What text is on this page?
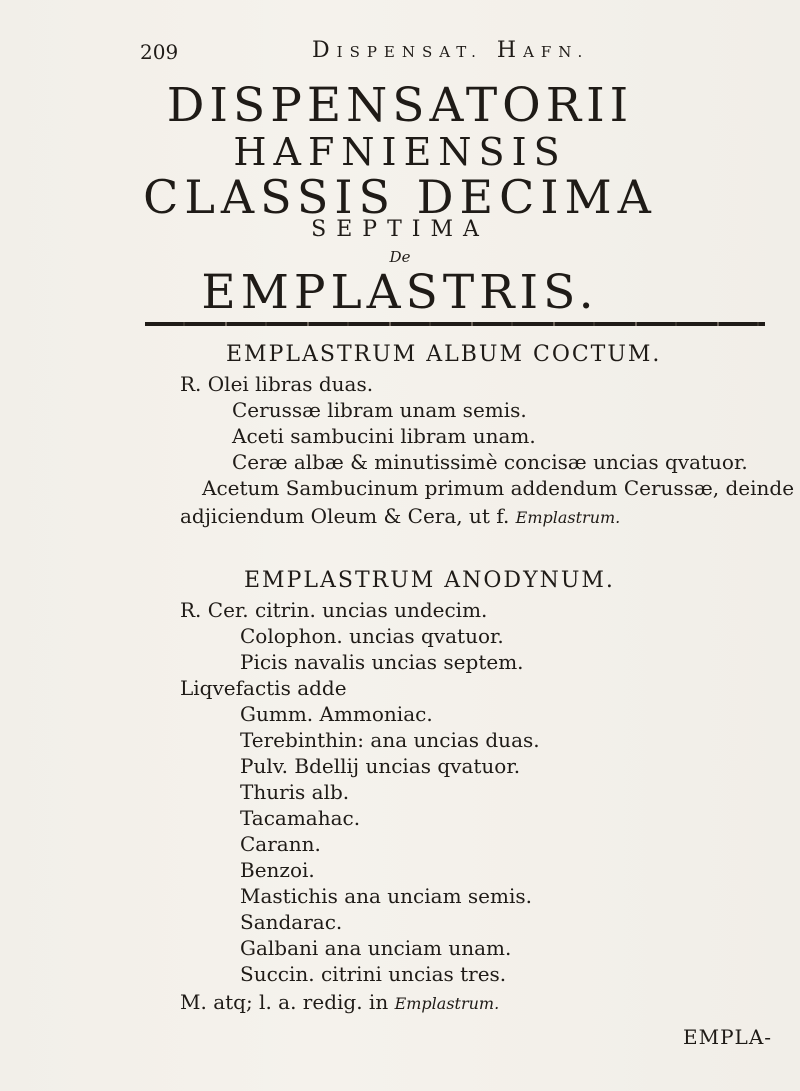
209	DISPENSAT. HAFN.
DISPENSATORII
HAFNIENSIS
CLASSIS DECIMA
SEPTIMA
De
EMPLASTRIS.
EMPLASTRUM ALBUM COCTUM.
R. Olei libras duas.
Cerussæ libram unam semis.
Aceti sambucini libram unam.
Ceræ albæ & minutissimè concisæ uncias qvatuor.
Acetum Sambucinum primum addendum Cerussæ, deinde
adjiciendum Oleum & Cera, ut f. Emplastrum.
EMPLASTRUM ANODYNUM.
R. Cer. citrin. uncias undecim.
Colophon. uncias qvatuor.
Picis navalis uncias septem.
Liqvefactis adde
Gumm. Ammoniac.
Terebinthin: ana uncias duas.
Pulv. Bdellij uncias qvatuor.
Thuris alb.
Tacamahac.
Carann.
Benzoi.
Mastichis ana unciam semis.
Sandarac.
Galbani ana unciam unam.
Succin. citrini uncias tres.
M. atq; l. a. redig. in Emplastrum.
EMPLA-
